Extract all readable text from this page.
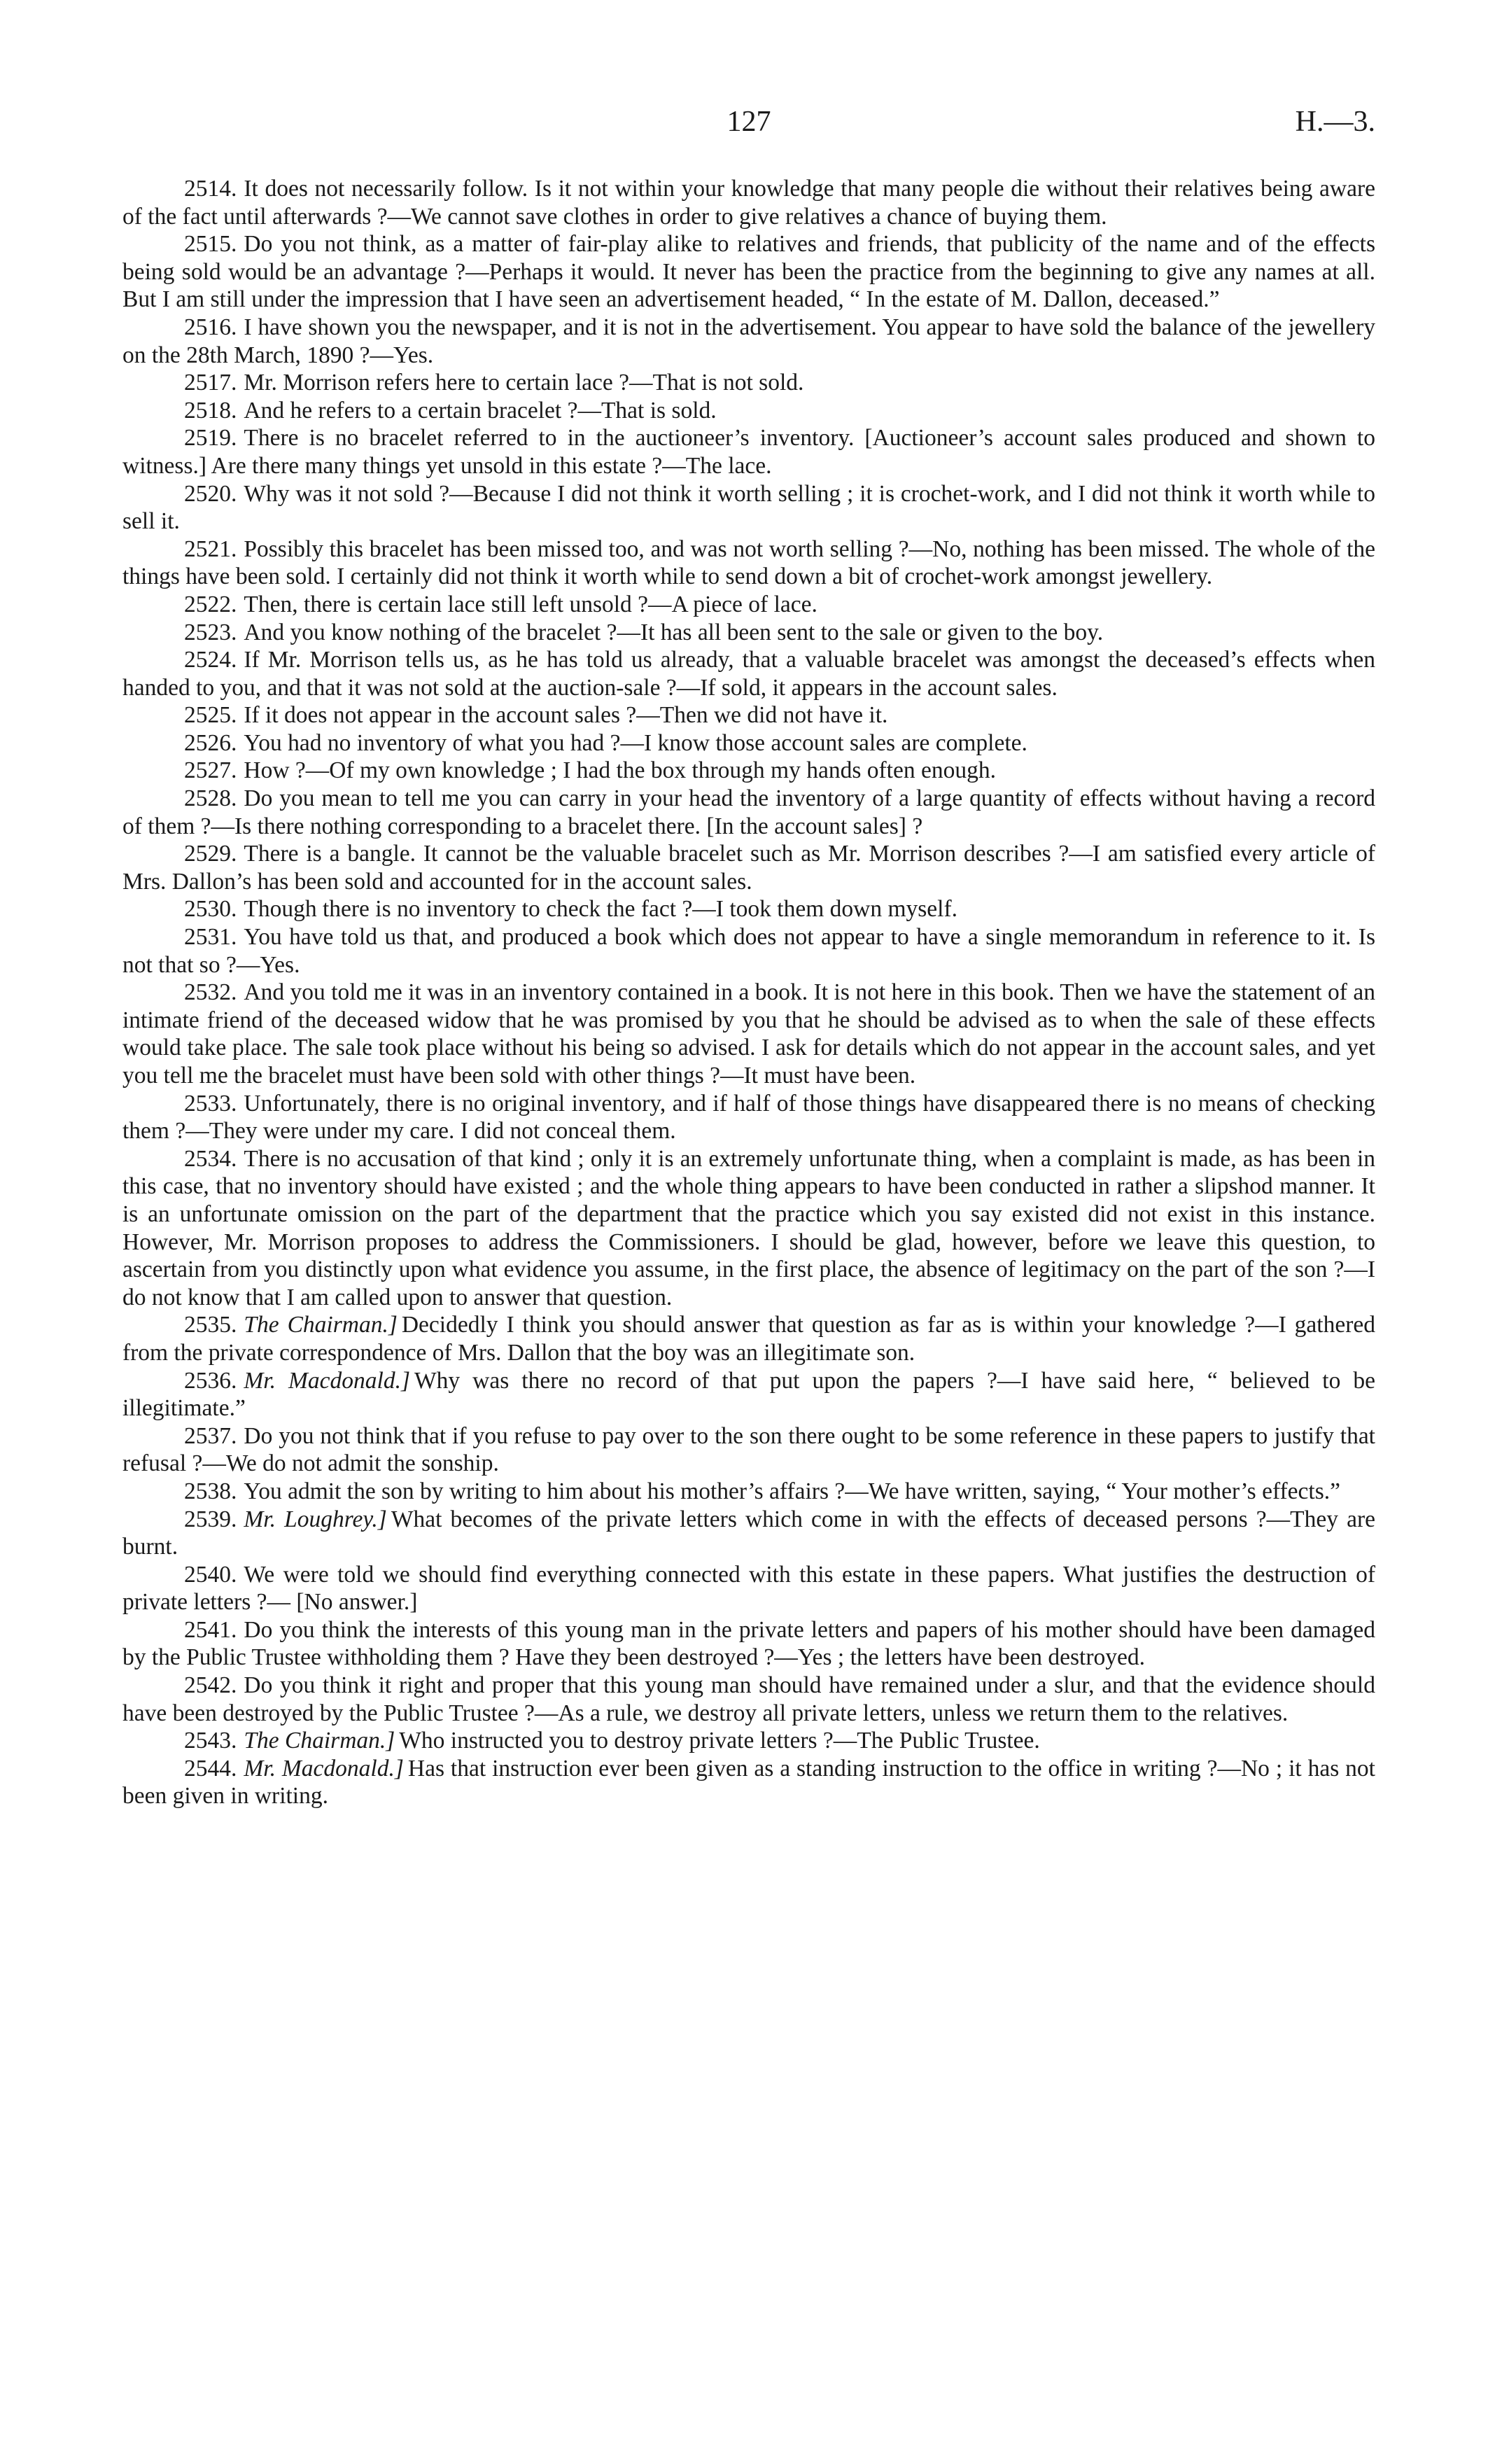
127	H.—3.

2514. It does not necessarily follow. Is it not within your knowledge that many people die without their relatives being aware of the fact until afterwards ?—We cannot save clothes in order to give relatives a chance of buying them.

2515. Do you not think, as a matter of fair-play alike to relatives and friends, that publicity of the name and of the effects being sold would be an advantage ?—Perhaps it would. It never has been the practice from the beginning to give any names at all. But I am still under the impression that I have seen an advertisement headed, “ In the estate of M. Dallon, deceased.”

2516. I have shown you the newspaper, and it is not in the advertisement. You appear to have sold the balance of the jewellery on the 28th March, 1890 ?—Yes.

2517. Mr. Morrison refers here to certain lace ?—That is not sold.

2518. And he refers to a certain bracelet ?—That is sold.

2519. There is no bracelet referred to in the auctioneer’s inventory. [Auctioneer’s account sales produced and shown to witness.] Are there many things yet unsold in this estate ?—The lace.

2520. Why was it not sold ?—Because I did not think it worth selling ; it is crochet-work, and I did not think it worth while to sell it.

2521. Possibly this bracelet has been missed too, and was not worth selling ?—No, nothing has been missed. The whole of the things have been sold. I certainly did not think it worth while to send down a bit of crochet-work amongst jewellery.

2522. Then, there is certain lace still left unsold ?—A piece of lace.

2523. And you know nothing of the bracelet ?—It has all been sent to the sale or given to the boy.

2524. If Mr. Morrison tells us, as he has told us already, that a valuable bracelet was amongst the deceased’s effects when handed to you, and that it was not sold at the auction-sale ?—If sold, it appears in the account sales.

2525. If it does not appear in the account sales ?—Then we did not have it.

2526. You had no inventory of what you had ?—I know those account sales are complete.

2527. How ?—Of my own knowledge ; I had the box through my hands often enough.

2528. Do you mean to tell me you can carry in your head the inventory of a large quantity of effects without having a record of them ?—Is there nothing corresponding to a bracelet there. [In the account sales] ?

2529. There is a bangle. It cannot be the valuable bracelet such as Mr. Morrison describes ?—I am satisfied every article of Mrs. Dallon’s has been sold and accounted for in the account sales.

2530. Though there is no inventory to check the fact ?—I took them down myself.

2531. You have told us that, and produced a book which does not appear to have a single memorandum in reference to it. Is not that so ?—Yes.

2532. And you told me it was in an inventory contained in a book. It is not here in this book. Then we have the statement of an intimate friend of the deceased widow that he was promised by you that he should be advised as to when the sale of these effects would take place. The sale took place without his being so advised. I ask for details which do not appear in the account sales, and yet you tell me the bracelet must have been sold with other things ?—It must have been.

2533. Unfortunately, there is no original inventory, and if half of those things have disappeared there is no means of checking them ?—They were under my care. I did not conceal them.

2534. There is no accusation of that kind ; only it is an extremely unfortunate thing, when a complaint is made, as has been in this case, that no inventory should have existed ; and the whole thing appears to have been conducted in rather a slipshod manner. It is an unfortunate omission on the part of the department that the practice which you say existed did not exist in this instance. However, Mr. Morrison proposes to address the Commissioners. I should be glad, however, before we leave this question, to ascertain from you distinctly upon what evidence you assume, in the first place, the absence of legitimacy on the part of the son ?—I do not know that I am called upon to answer that question.

2535. The Chairman.] Decidedly I think you should answer that question as far as is within your knowledge ?—I gathered from the private correspondence of Mrs. Dallon that the boy was an illegitimate son.

2536. Mr. Macdonald.] Why was there no record of that put upon the papers ?—I have said here, “ believed to be illegitimate.”

2537. Do you not think that if you refuse to pay over to the son there ought to be some reference in these papers to justify that refusal ?—We do not admit the sonship.

2538. You admit the son by writing to him about his mother’s affairs ?—We have written, saying, “ Your mother’s effects.”

2539. Mr. Loughrey.] What becomes of the private letters which come in with the effects of deceased persons ?—They are burnt.

2540. We were told we should find everything connected with this estate in these papers. What justifies the destruction of private letters ?— [No answer.]

2541. Do you think the interests of this young man in the private letters and papers of his mother should have been damaged by the Public Trustee withholding them ? Have they been destroyed ?—Yes ; the letters have been destroyed.

2542. Do you think it right and proper that this young man should have remained under a slur, and that the evidence should have been destroyed by the Public Trustee ?—As a rule, we destroy all private letters, unless we return them to the relatives.

2543. The Chairman.] Who instructed you to destroy private letters ?—The Public Trustee.

2544. Mr. Macdonald.] Has that instruction ever been given as a standing instruction to the office in writing ?—No ; it has not been given in writing.
